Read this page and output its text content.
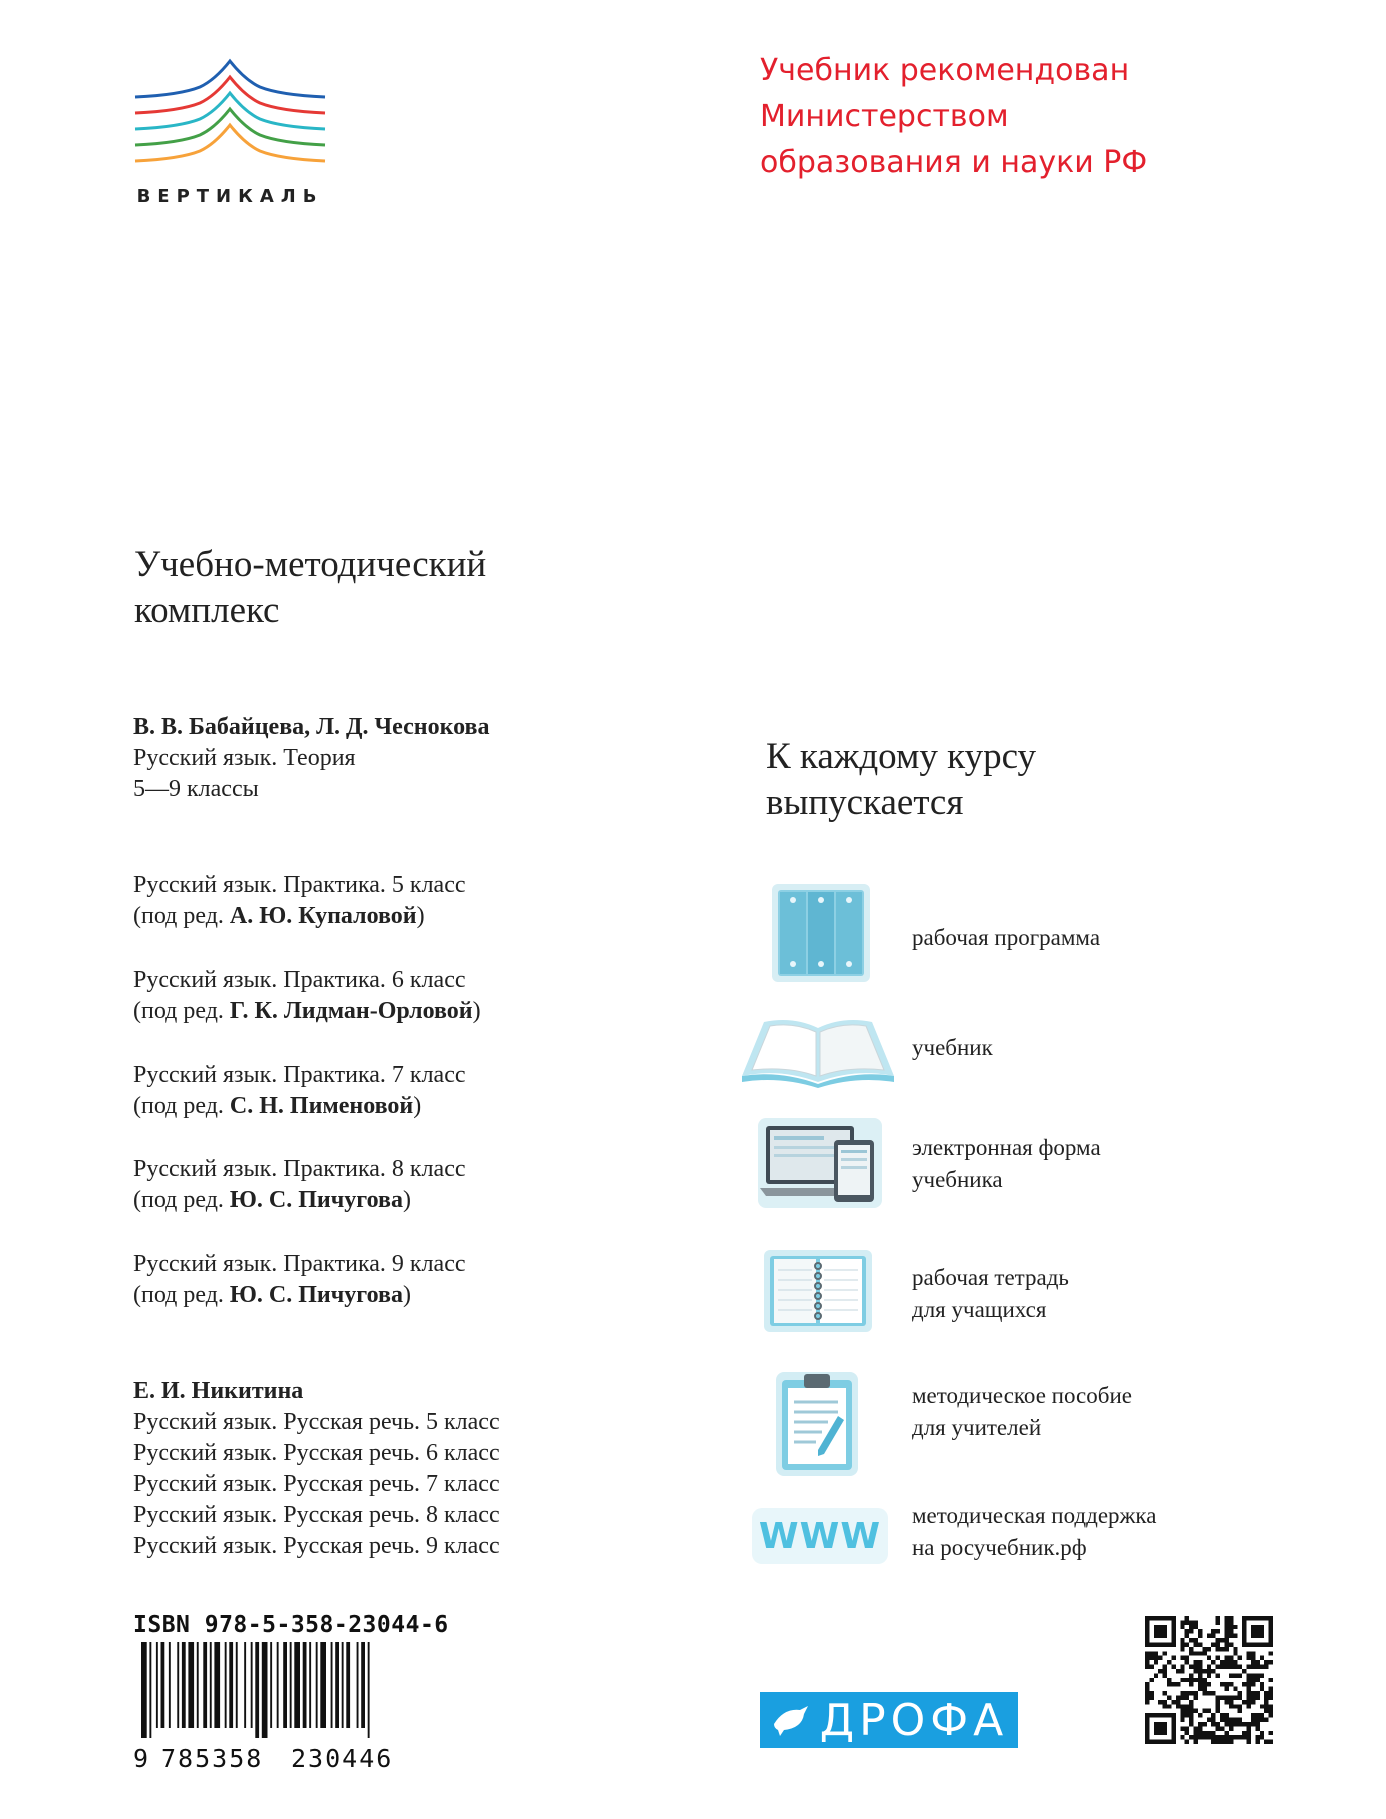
ВЕРТИКАЛЬ
Учебник рекомендован
Министерством
образования и науки РФ
Учебно-методический
комплекс
В. В. Бабайцева, Л. Д. Чеснокова
Русский язык. Теория
5—9 классы
Русский язык. Практика. 5 класс
(под ред. А. Ю. Купаловой)
Русский язык. Практика. 6 класс
(под ред. Г. К. Лидман-Орловой)
Русский язык. Практика. 7 класс
(под ред. С. Н. Пименовой)
Русский язык. Практика. 8 класс
(под ред. Ю. С. Пичугова)
Русский язык. Практика. 9 класс
(под ред. Ю. С. Пичугова)
Е. И. Никитина
Русский язык. Русская речь. 5 класс
Русский язык. Русская речь. 6 класс
Русский язык. Русская речь. 7 класс
Русский язык. Русская речь. 8 класс
Русский язык. Русская речь. 9 класс
К каждому курсу
выпускается
рабочая программа
учебник
электронная форма
учебника
рабочая тетрадь
для учащихся
методическое пособие
для учителей
WWW методическая поддержка
на росучебник.рф
ISBN 978-5-358-23044-6
9 785358 230446
ДРОФА
